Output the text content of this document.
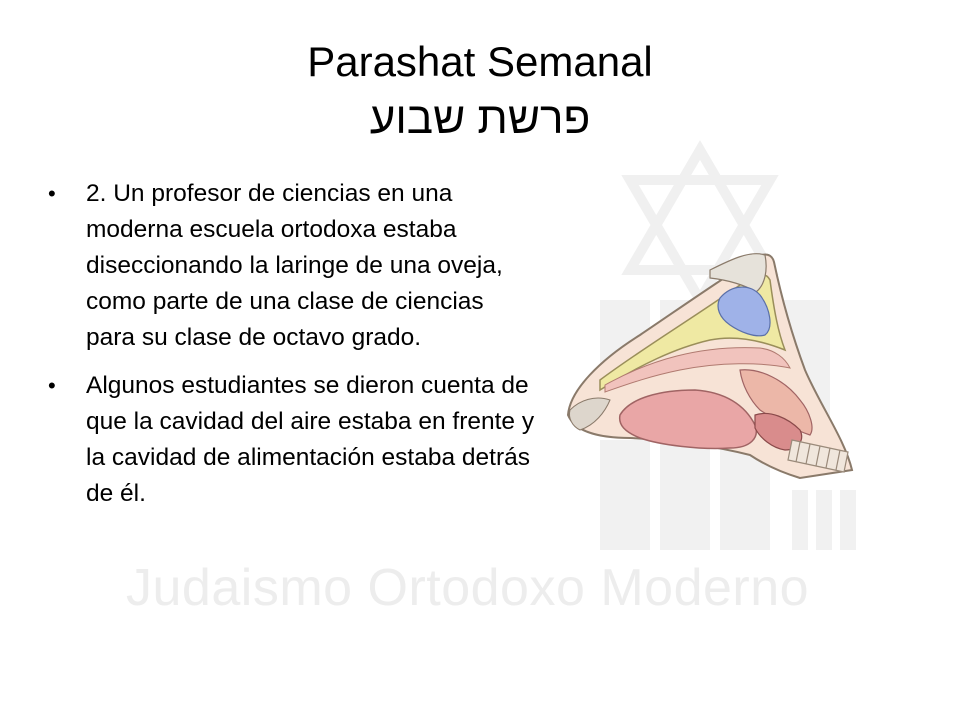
Judaismo Ortodoxo Moderno
Parashat Semanal
פרשת שבוע
• 2. Un profesor de ciencias en una moderna escuela ortodoxa estaba diseccionando la laringe de una oveja, como parte de una clase de ciencias para su clase de octavo grado.
• Algunos estudiantes se dieron cuenta de que la cavidad del aire estaba en frente y la cavidad de alimentación estaba detrás de él.
